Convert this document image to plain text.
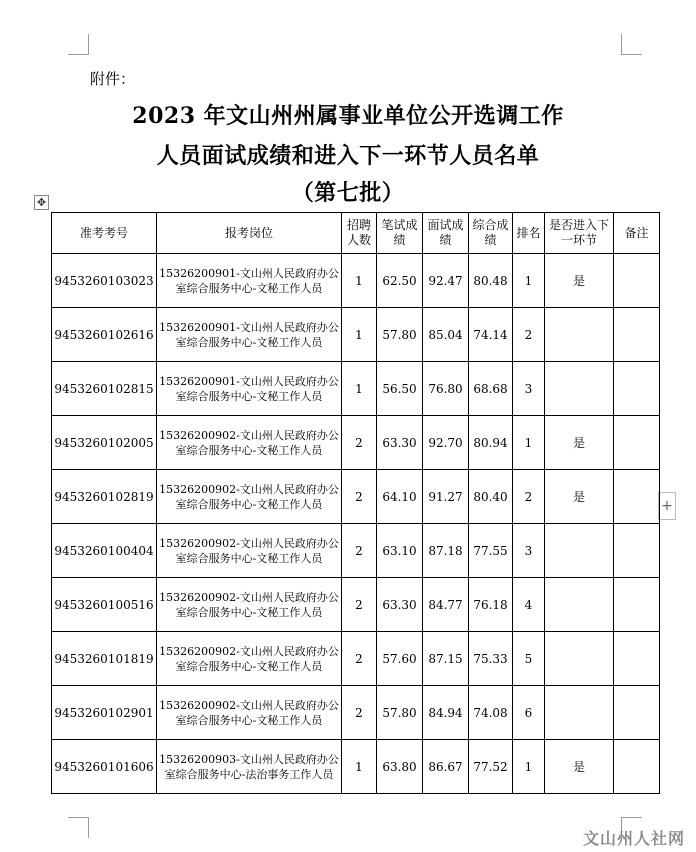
附件：
2023 年文山州州属事业单位公开选调工作
人员面试成绩和进入下一环节人员名单
（第七批）
✥
+
准考考号	报考岗位	招聘人数	笔试成绩	面试成绩	综合成绩	排名	是否进入下一环节	备注
9453260103023	15326200901-文山州人民政府办公室综合服务中心-文秘工作人员	1	62.50	92.47	80.48	1	是	
9453260102616	15326200901-文山州人民政府办公室综合服务中心-文秘工作人员	1	57.80	85.04	74.14	2		
9453260102815	15326200901-文山州人民政府办公室综合服务中心-文秘工作人员	1	56.50	76.80	68.68	3		
9453260102005	15326200902-文山州人民政府办公室综合服务中心-文秘工作人员	2	63.30	92.70	80.94	1	是	
9453260102819	15326200902-文山州人民政府办公室综合服务中心-文秘工作人员	2	64.10	91.27	80.40	2	是	
9453260100404	15326200902-文山州人民政府办公室综合服务中心-文秘工作人员	2	63.10	87.18	77.55	3		
9453260100516	15326200902-文山州人民政府办公室综合服务中心-文秘工作人员	2	63.30	84.77	76.18	4		
9453260101819	15326200902-文山州人民政府办公室综合服务中心-文秘工作人员	2	57.60	87.15	75.33	5		
9453260102901	15326200902-文山州人民政府办公室综合服务中心-文秘工作人员	2	57.80	84.94	74.08	6		
9453260101606	15326200903-文山州人民政府办公室综合服务中心-法治事务工作人员	1	63.80	86.67	77.52	1	是	
文山州人社网
